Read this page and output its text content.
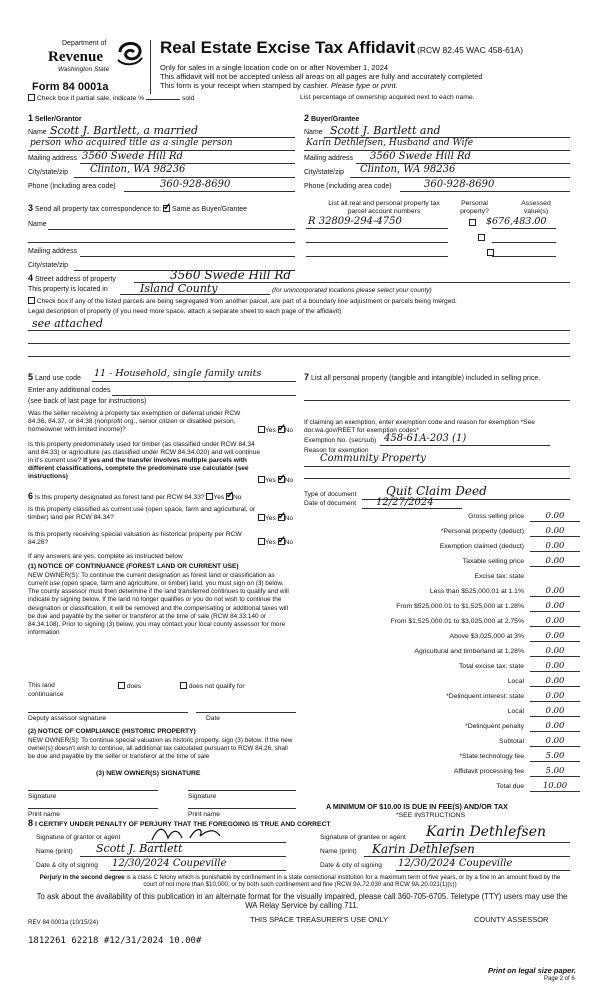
Department of
Revenue
Washington State
Form 84 0001a
Real Estate Excise Tax Affidavit (RCW 82.45 WAC 458-61A)
Only for sales in a single location code on or after November 1, 2024
This affidavit will not be accepted unless all areas on all pages are fully and accurately completed
This form is your receipt when stamped by cashier. Please type or print.
Check box if partial sale, indicate %	sold	List percentage of ownership acquired next to each name.
1 Seller/Grantor
Name Scott J. Bartlett, a married
person who acquired title as a single person
Mailing address 3560 Swede Hill Rd
City/state/zip Clinton, WA 98236
Phone (including area code)	360-928-8690
2 Buyer/Grantee
Name Scott J. Bartlett and
Karin Dethlefsen, Husband and Wife
Mailing address 3560 Swede Hill Rd
City/state/zip Clinton, WA 98236
Phone (including area code)	360-928-8690
3 Send all property tax correspondence to: ✓ Same as Buyer/Grantee
Name
Mailing address
City/state/zip
List all real and personal property tax
parcel account numbers
Personal
property?
Assessed
value(s)
R 32809-294-4750
	$676,483.00

4 Street address of property	3560 Swede Hill Rd
This property is located in	Island County	(for unincorporated locations please select your county)
Check box if any of the listed parcels are being segregated from another parcel, are part of a boundary line adjustment or parcels being merged.
Legal description of property (if you need more space, attach a separate sheet to each page of the affidavit)
see attached
5 Land use code 11 - Household, single family units
Enter any additional codes
(see back of last page for instructions)
Was the seller receiving a property tax exemption or deferral under RCW 84.36, 84.37, or 84.38 (nonprofit org., senior citizen or disabled person, homeowner with limited income)?	Yes ✓ No
Is this property predominately used for timber (as classified under RCW 84.34 and 84.33) or agriculture (as classified under RCW 84.34.020) and will continue in it's current use? If yes and the transfer involves multiple parcels with different classifications, complete the predominate use calculator (see instructions)
Yes ✓ No
6 Is this property designated as forest land per RCW 84.33? Yes ✓ No
Is this property classified as current use (open space, farm and agricultural, or timber) land per RCW 84.34?	Yes ✓ No
Is this property receiving special valuation as historical property per RCW 84.26?	Yes ✓ No
If any answers are yes, complete as instructed below
(1) NOTICE OF CONTINUANCE (FOREST LAND OR CURRENT USE)
NEW OWNER(S): To continue the current designation as forest land or classification as current use (open space, farm and agriculture, or timber) land, you must sign on (3) below. The county assessor must then determine if the land transferred continues to qualify and will indicate by signing below. If the land no longer qualifies or you do not wish to continue the designation or classification, it will be removed and the compensating or additional taxes will be due and payable by the seller or transferor at the time of sale (RCW 84.33.140 or 84.34.108). Prior to signing (3) below, you may contact your local county assessor for more information
This land	does	does not qualify for
continuance
Deputy assessor signature	Date
(2) NOTICE OF COMPLIANCE (HISTORIC PROPERTY)
NEW OWNER(S): To continue special valuation as historic property, sign (3) below. If the new owner(s) doesn't wish to continue, all additional tax calculated pursuant to RCW 84.26, shall be due and payable by the seller or transferor at the time of sale
(3) NEW OWNER(S) SIGNATURE
Signature	Signature
Print name	Print name
7 List all personal property (tangible and intangible) included in selling price.
If claiming an exemption, enter exemption code and reason for exemption *See dor.wa.gov/REET for exemption codes*
Exemption No. (sec/sub) 458-61A-203 (1)
Reason for exemption
Community Property
Type of document Quit Claim Deed
Date of document 12/27/2024
Gross selling price	0.00
*Personal property (deduct)	0.00
Exemption claimed (deduct)	0.00
Taxable selling price	0.00
Excise tax: state
Less than $525,000.01 at 1.1%	0.00
From $525,000.01 to $1,525,000 at 1.28%	0.00
From $1,525,000.01 to $3,025,000 at 2.75%	0.00
Above $3,025,000 at 3%	0.00
Agricultural and timberland at 1.28%	0.00
Total excise tax: state	0.00
Local	0.00
*Delinquent interest: state	0.00
Local	0.00
*Delinquent penalty	0.00
Subtotal	0.00
*State technology fee	5.00
Affidavit processing fee	5.00
Total due	10.00
A MINIMUM OF $10.00 IS DUE IN FEE(S) AND/OR TAX
*SEE INSTRUCTIONS
8 I CERTIFY UNDER PENALTY OF PERJURY THAT THE FOREGOING IS TRUE AND CORRECT
Signature of grantor or agent
Name (print) Scott J. Bartlett
Date & city of signing 12/30/2024 Coupeville
Signature of grantee or agent Karin Dethlefsen
Name (print) Karin Dethlefsen
Date & city of signing 12/30/2024 Coupeville
Perjury in the second degree is a class C felony which is punishable by confinement in a state correctional institution for a maximum term of five years, or by a fine in an amount fixed by the court of not more than $10,000, or by both such confinement and fine (RCW 9A.72.030 and RCW 9A.20.021(1)(c))
To ask about the availability of this publication in an alternate format for the visually impaired, please call 360-705-6705. Teletype (TTY) users may use the WA Relay Service by calling 711.
REV 84 0001a (10/15/24)	THIS SPACE TREASURER'S USE ONLY	COUNTY ASSESSOR
1812261 62218 #12/31/2024 10.00#
Print on legal size paper.
Page 2 of 6
